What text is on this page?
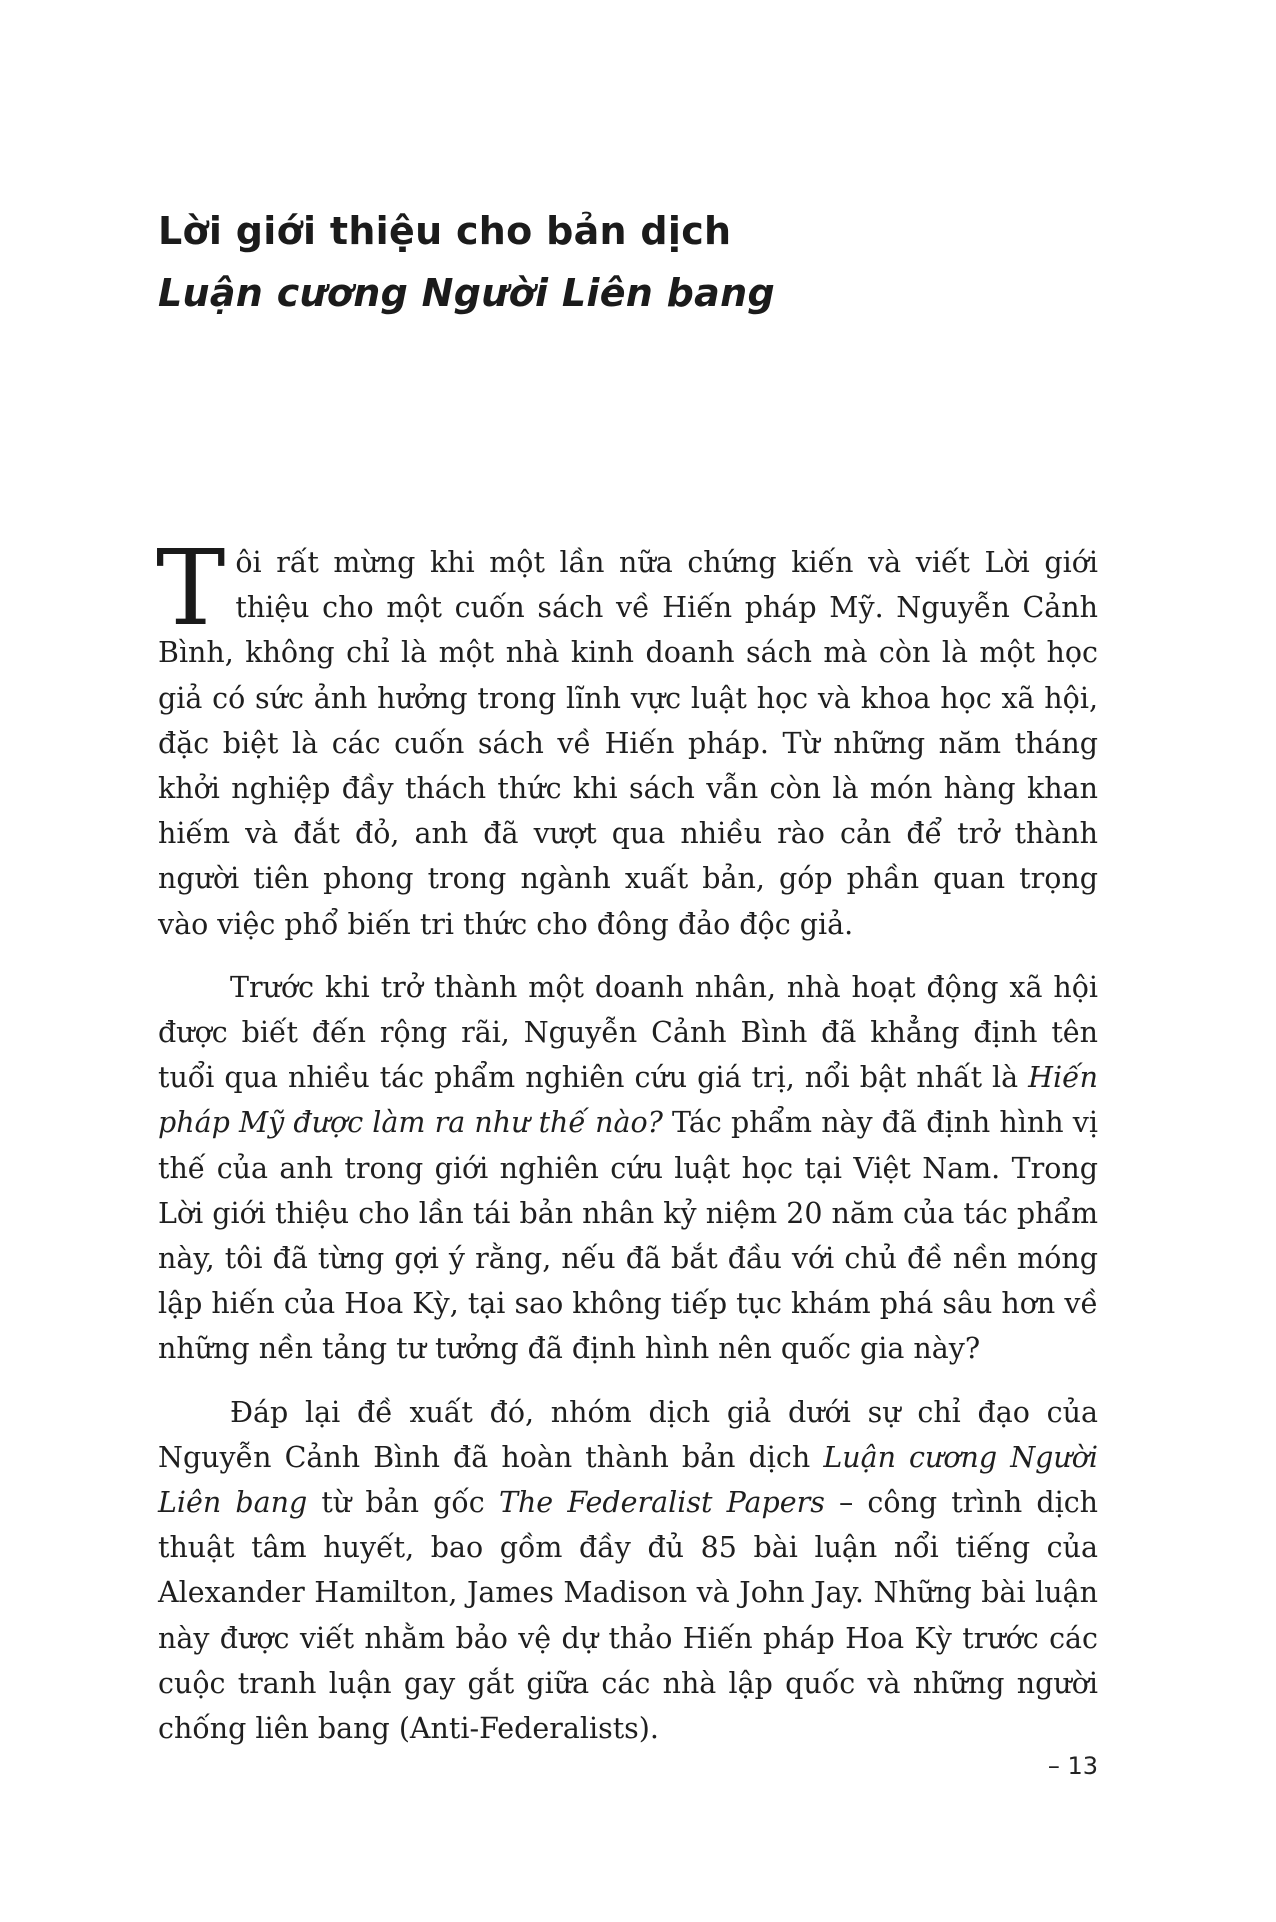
Lời giới thiệu cho bản dịch
Luận cương Người Liên bang

Tôi rất mừng khi một lần nữa chứng kiến và viết Lời giới thiệu cho một cuốn sách về Hiến pháp Mỹ. Nguyễn Cảnh Bình, không chỉ là một nhà kinh doanh sách mà còn là một học giả có sức ảnh hưởng trong lĩnh vực luật học và khoa học xã hội, đặc biệt là các cuốn sách về Hiến pháp. Từ những năm tháng khởi nghiệp đầy thách thức khi sách vẫn còn là món hàng khan hiếm và đắt đỏ, anh đã vượt qua nhiều rào cản để trở thành người tiên phong trong ngành xuất bản, góp phần quan trọng vào việc phổ biến tri thức cho đông đảo độc giả.

Trước khi trở thành một doanh nhân, nhà hoạt động xã hội được biết đến rộng rãi, Nguyễn Cảnh Bình đã khẳng định tên tuổi qua nhiều tác phẩm nghiên cứu giá trị, nổi bật nhất là Hiến pháp Mỹ được làm ra như thế nào? Tác phẩm này đã định hình vị thế của anh trong giới nghiên cứu luật học tại Việt Nam. Trong Lời giới thiệu cho lần tái bản nhân kỷ niệm 20 năm của tác phẩm này, tôi đã từng gợi ý rằng, nếu đã bắt đầu với chủ đề nền móng lập hiến của Hoa Kỳ, tại sao không tiếp tục khám phá sâu hơn về những nền tảng tư tưởng đã định hình nên quốc gia này?

Đáp lại đề xuất đó, nhóm dịch giả dưới sự chỉ đạo của Nguyễn Cảnh Bình đã hoàn thành bản dịch Luận cương Người Liên bang từ bản gốc The Federalist Papers – công trình dịch thuật tâm huyết, bao gồm đầy đủ 85 bài luận nổi tiếng của Alexander Hamilton, James Madison và John Jay. Những bài luận này được viết nhằm bảo vệ dự thảo Hiến pháp Hoa Kỳ trước các cuộc tranh luận gay gắt giữa các nhà lập quốc và những người chống liên bang (Anti-Federalists).

– 13
